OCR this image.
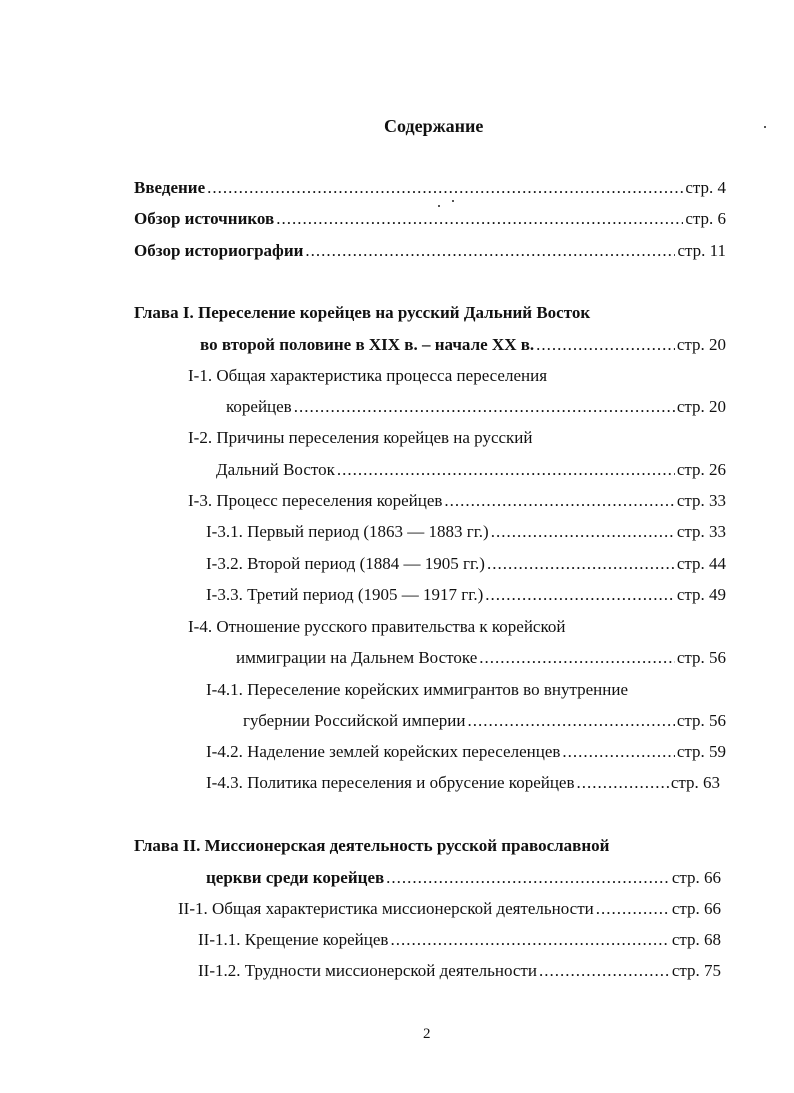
Содержание
Введение .....	стр. 4
Обзор источников .....	стр. 6
Обзор историографии .....	стр. 11
Глава I. Переселение корейцев на русский Дальний Восток
во второй половине в XIX в. – начале XX в. .....	стр. 20
I-1. Общая характеристика процесса переселения
корейцев .....	стр. 20
I-2. Причины переселения корейцев на русский
Дальний Восток .....	стр. 26
I-3. Процесс переселения корейцев .....	стр. 33
I-3.1. Первый период (1863 — 1883 гг.) .....	стр. 33
I-3.2. Второй период (1884 — 1905 гг.) .....	стр. 44
I-3.3. Третий период (1905 — 1917 гг.) .....	стр. 49
I-4. Отношение русского правительства к корейской
иммиграции на Дальнем Востоке .....	стр. 56
I-4.1. Переселение корейских иммигрантов во внутренние
губернии Российской империи .....	стр. 56
I-4.2. Наделение землей корейских переселенцев .....	стр. 59
I-4.3. Политика переселения и обрусение корейцев .....	стр. 63
Глава II. Миссионерская деятельность русской православной
церкви среди корейцев .....	стр. 66
II-1. Общая характеристика миссионерской деятельности .....	стр. 66
II-1.1. Крещение корейцев .....	стр. 68
II-1.2. Трудности миссионерской деятельности .....	стр. 75
2
